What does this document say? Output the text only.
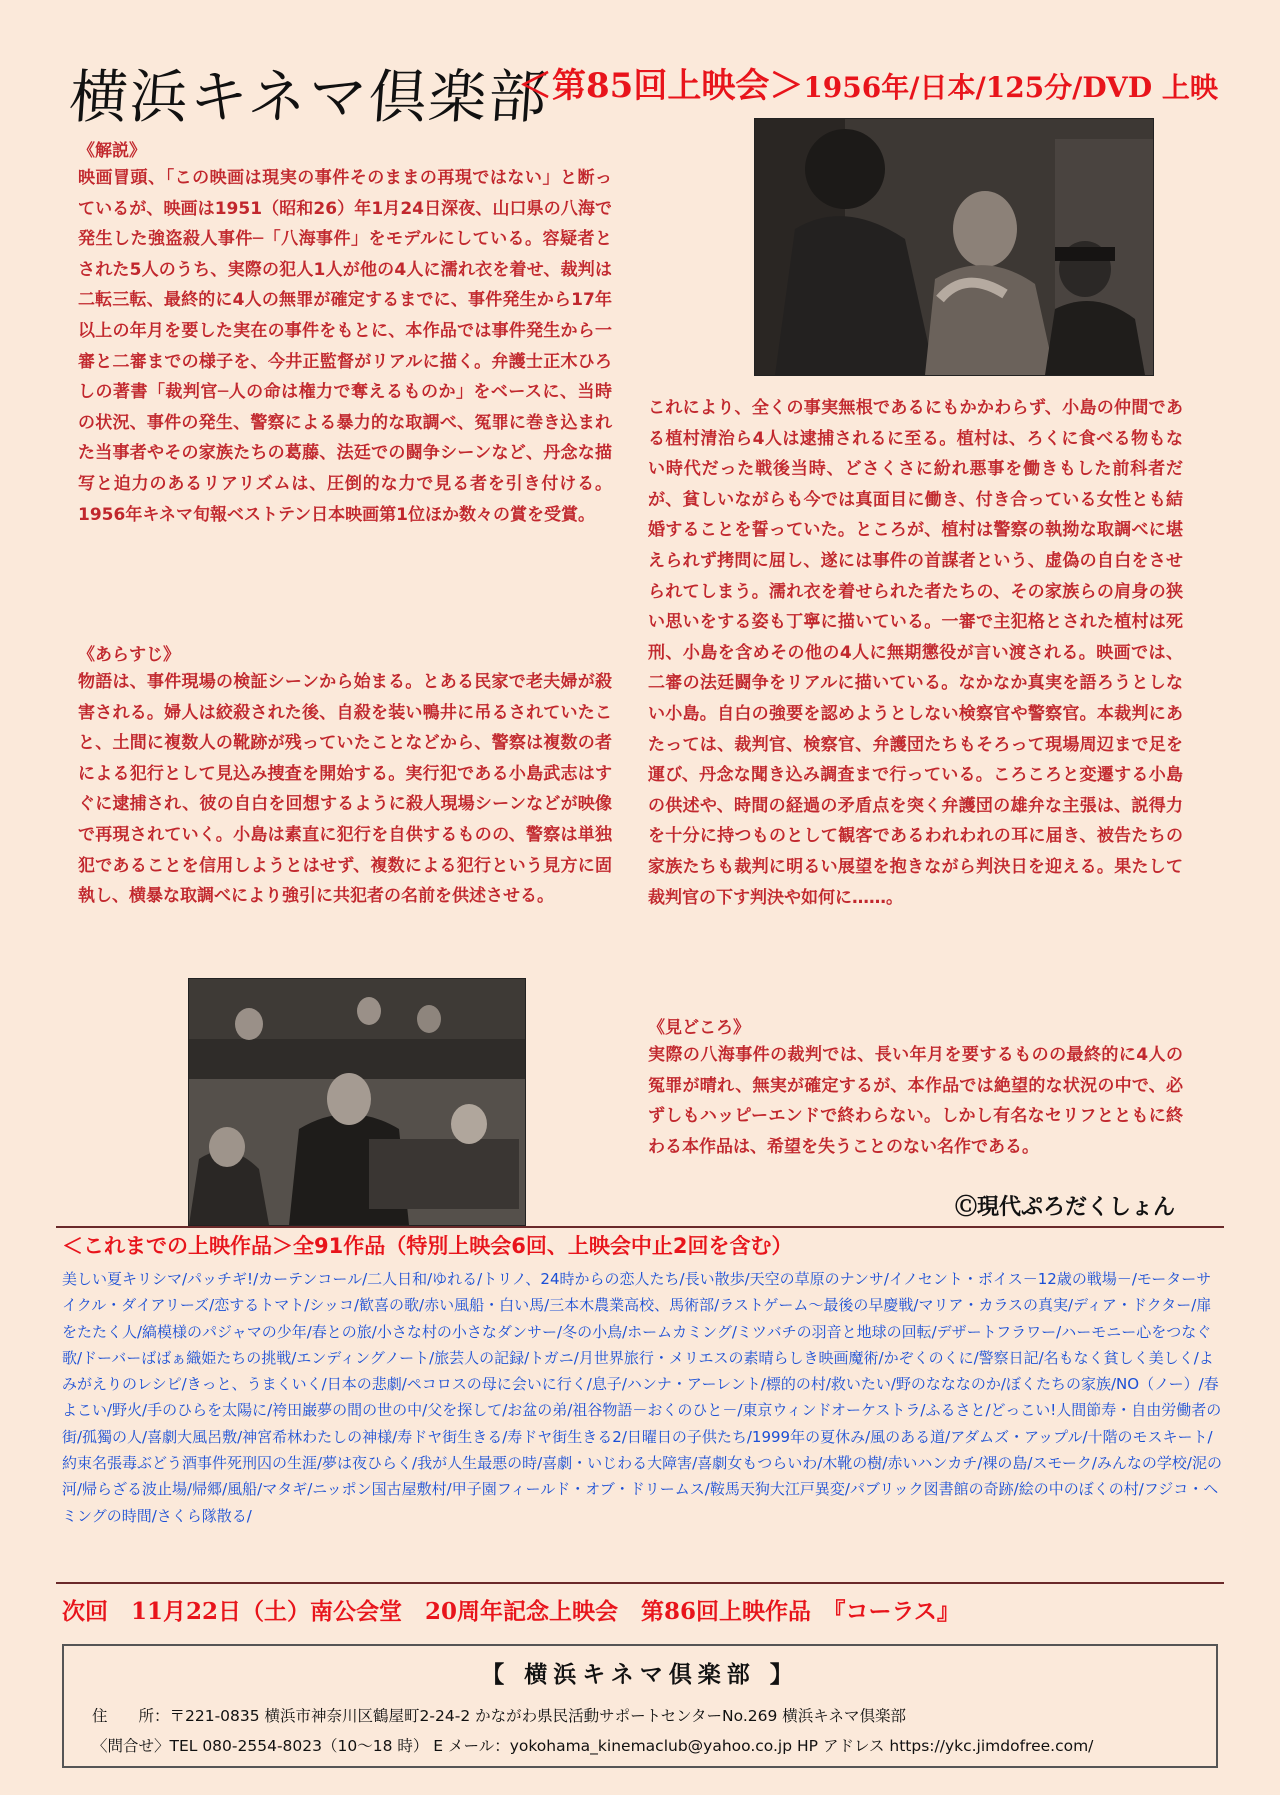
横浜キネマ倶楽部
＜第85回上映会＞1956年/日本/125分/DVD 上映
《解説》

映画冒頭、「この映画は現実の事件そのままの再現ではない」と断っているが、映画は1951（昭和26）年1月24日深夜、山口県の八海で発生した強盗殺人事件─「八海事件」をモデルにしている。容疑者とされた5人のうち、実際の犯人1人が他の4人に濡れ衣を着せ、裁判は二転三転、最終的に4人の無罪が確定するまでに、事件発生から17年以上の年月を要した実在の事件をもとに、本作品では事件発生から一審と二審までの様子を、今井正監督がリアルに描く。弁護士正木ひろしの著書「裁判官─人の命は権力で奪えるものか」をベースに、当時の状況、事件の発生、警察による暴力的な取調べ、冤罪に巻き込まれた当事者やその家族たちの葛藤、法廷での闘争シーンなど、丹念な描写と迫力のあるリアリズムは、圧倒的な力で見る者を引き付ける。1956年キネマ旬報ベストテン日本映画第1位ほか数々の賞を受賞。

《あらすじ》

物語は、事件現場の検証シーンから始まる。とある民家で老夫婦が殺害される。婦人は絞殺された後、自殺を装い鴨井に吊るされていたこと、土間に複数人の靴跡が残っていたことなどから、警察は複数の者による犯行として見込み捜査を開始する。実行犯である小島武志はすぐに逮捕され、彼の自白を回想するように殺人現場シーンなどが映像で再現されていく。小島は素直に犯行を自供するものの、警察は単独犯であることを信用しようとはせず、複数による犯行という見方に固執し、横暴な取調べにより強引に共犯者の名前を供述させる。

これにより、全くの事実無根であるにもかかわらず、小島の仲間である植村清治ら4人は逮捕されるに至る。植村は、ろくに食べる物もない時代だった戦後当時、どさくさに紛れ悪事を働きもした前科者だが、貧しいながらも今では真面目に働き、付き合っている女性とも結婚することを誓っていた。ところが、植村は警察の執拗な取調べに堪えられず拷問に屈し、遂には事件の首謀者という、虚偽の自白をさせられてしまう。濡れ衣を着せられた者たちの、その家族らの肩身の狭い思いをする姿も丁寧に描いている。一審で主犯格とされた植村は死刑、小島を含めその他の4人に無期懲役が言い渡される。映画では、二審の法廷闘争をリアルに描いている。なかなか真実を語ろうとしない小島。自白の強要を認めようとしない検察官や警察官。本裁判にあたっては、裁判官、検察官、弁護団たちもそろって現場周辺まで足を運び、丹念な聞き込み調査まで行っている。ころころと変遷する小島の供述や、時間の経過の矛盾点を突く弁護団の雄弁な主張は、説得力を十分に持つものとして観客であるわれわれの耳に届き、被告たちの家族たちも裁判に明るい展望を抱きながら判決日を迎える。果たして裁判官の下す判決や如何に……。

《見どころ》

実際の八海事件の裁判では、長い年月を要するものの最終的に4人の冤罪が晴れ、無実が確定するが、本作品では絶望的な状況の中で、必ずしもハッピーエンドで終わらない。しかし有名なセリフとともに終わる本作品は、希望を失うことのない名作である。

Ⓒ現代ぷろだくしょん
＜これまでの上映作品＞全91作品（特別上映会6回、上映会中止2回を含む）

美しい夏キリシマ/パッチギ!/カーテンコール/二人日和/ゆれる/トリノ、24時からの恋人たち/長い散歩/天空の草原のナンサ/イノセント・ボイス－12歳の戦場－/モーターサイクル・ダイアリーズ/恋するトマト/シッコ/歓喜の歌/赤い風船・白い馬/三本木農業高校、馬術部/ラストゲーム～最後の早慶戦/マリア・カラスの真実/ディア・ドクター/扉をたたく人/縞模様のパジャマの少年/春との旅/小さな村の小さなダンサー/冬の小鳥/ホームカミング/ミツバチの羽音と地球の回転/デザートフラワー/ハーモニー心をつなぐ歌/ドーバーばばぁ織姫たちの挑戦/エンディングノート/旅芸人の記録/トガニ/月世界旅行・メリエスの素晴らしき映画魔術/かぞくのくに/警察日記/名もなく貧しく美しく/よみがえりのレシピ/きっと、うまくいく/日本の悲劇/ペコロスの母に会いに行く/息子/ハンナ・アーレント/標的の村/救いたい/野のなななのか/ぼくたちの家族/NO（ノー）/春よこい/野火/手のひらを太陽に/袴田巌夢の間の世の中/父を探して/お盆の弟/祖谷物語－おくのひと－/東京ウィンドオーケストラ/ふるさと/どっこい!人間節寿・自由労働者の街/孤獨の人/喜劇大風呂敷/神宮希林わたしの神様/寿ドヤ街生きる/寿ドヤ街生きる2/日曜日の子供たち/1999年の夏休み/風のある道/アダムズ・アップル/十階のモスキート/約束名張毒ぶどう酒事件死刑囚の生涯/夢は夜ひらく/我が人生最悪の時/喜劇・いじわる大障害/喜劇女もつらいわ/木靴の樹/赤いハンカチ/裸の島/スモーク/みんなの学校/泥の河/帰らざる波止場/帰郷/風船/マタギ/ニッポン国古屋敷村/甲子園フィールド・オブ・ドリームス/鞍馬天狗大江戸異変/パブリック図書館の奇跡/絵の中のぼくの村/フジコ・ヘミングの時間/さくら隊散る/

次回　11月22日（土）南公会堂　20周年記念上映会　第86回上映作品　『コーラス』
【 横浜キネマ倶楽部 】
住　　所：〒221-0835 横浜市神奈川区鶴屋町2-24-2 かながわ県民活動サポートセンターNo.269 横浜キネマ倶楽部
〈問合せ〉TEL 080-2554-8023（10～18 時） E メール：yokohama_kinemaclub@yahoo.co.jp HP アドレス https://ykc.jimdofree.com/
